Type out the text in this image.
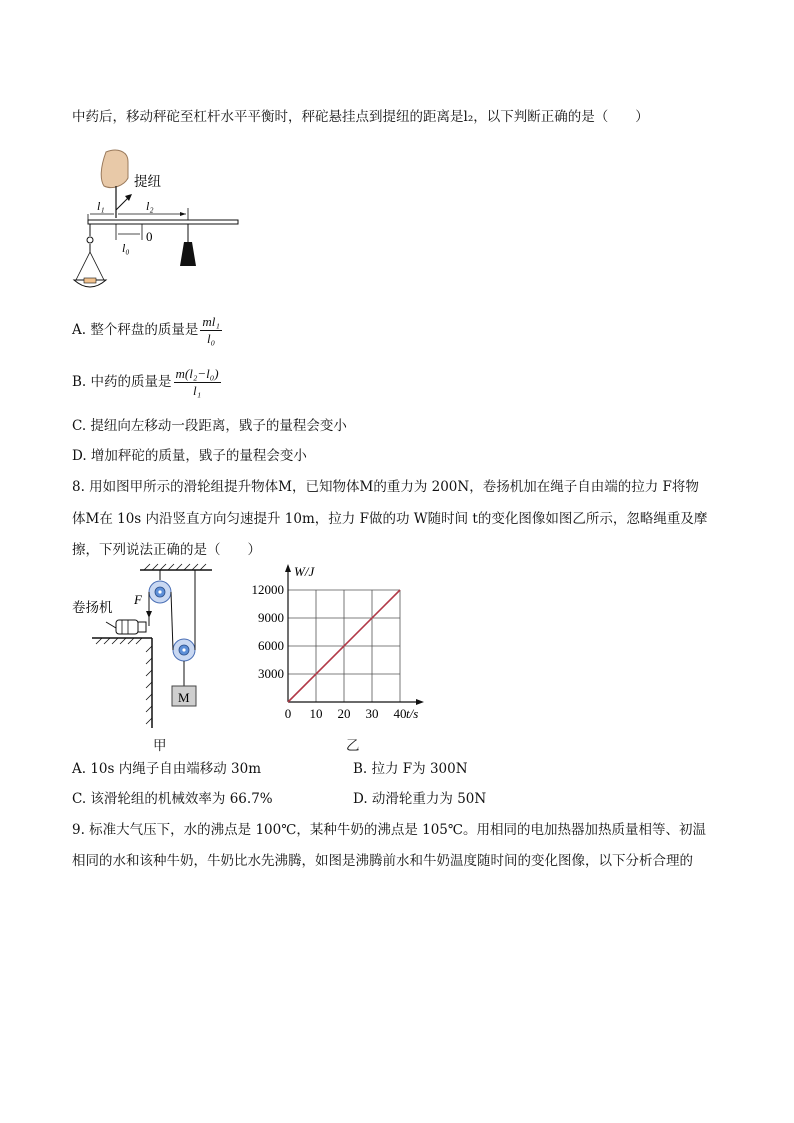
中药后，移动秤砣至杠杆水平平衡时，秤砣悬挂点到提纽的距离是l₂，以下判断正确的是（　　）
提纽
l₁	l₂
0
l₀
A. 整个秤盘的质量是 $\frac{\text{ml₁}}{\text{l₀}}$
B. 中药的质量是 $\frac{\text{m(l₂−l₀)}}{\text{l₁}}$
C. 提纽向左移动一段距离，戥子的量程会变小
D. 增加秤砣的质量，戥子的量程会变小
8. 用如图甲所示的滑轮组提升物体M，已知物体M的重力为 200N，卷扬机加在绳子自由端的拉力 F将物
体M在 10s 内沿竖直方向匀速提升 10m，拉力 F做的功 W随时间 t的变化图像如图乙所示，忽略绳重及摩
擦，下列说法正确的是（　　）
F
M
卷扬机
甲
0 10 20 30 40
3000
6000
9000
12000
W/J
t/s
乙
A. 10s 内绳子自由端移动 30m	B. 拉力 F为 300N
C. 该滑轮组的机械效率为 66.7%	D. 动滑轮重力为 50N
9. 标准大气压下，水的沸点是 100℃，某种牛奶的沸点是 105℃。用相同的电加热器加热质量相等、初温
相同的水和该种牛奶，牛奶比水先沸腾，如图是沸腾前水和牛奶温度随时间的变化图像，以下分析合理的
